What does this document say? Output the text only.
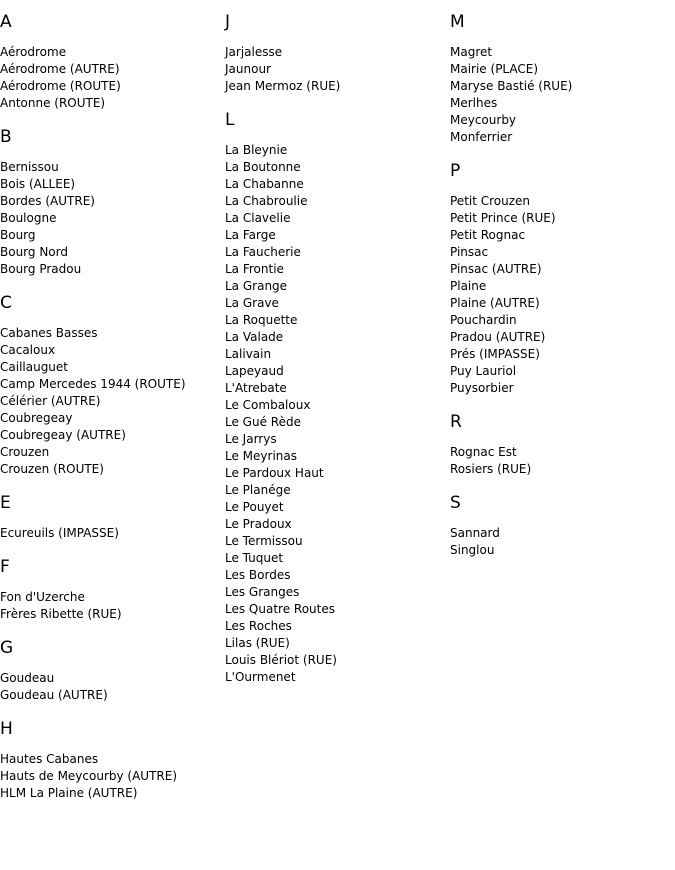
A
Aérodrome
Aérodrome (AUTRE)
Aérodrome (ROUTE)
Antonne (ROUTE)
B
Bernissou
Bois (ALLEE)
Bordes (AUTRE)
Boulogne
Bourg
Bourg Nord
Bourg Pradou
C
Cabanes Basses
Cacaloux
Caillauguet
Camp Mercedes 1944 (ROUTE)
Célérier (AUTRE)
Coubregeay
Coubregeay (AUTRE)
Crouzen
Crouzen (ROUTE)
E
Ecureuils (IMPASSE)
F
Fon d'Uzerche
Frères Ribette (RUE)
G
Goudeau
Goudeau (AUTRE)
H
Hautes Cabanes
Hauts de Meycourby (AUTRE)
HLM La Plaine (AUTRE)
J
Jarjalesse
Jaunour
Jean Mermoz (RUE)
L
La Bleynie
La Boutonne
La Chabanne
La Chabroulie
La Clavelie
La Farge
La Faucherie
La Frontie
La Grange
La Grave
La Roquette
La Valade
Lalivain
Lapeyaud
L'Atrebate
Le Combaloux
Le Gué Rède
Le Jarrys
Le Meyrinas
Le Pardoux Haut
Le Planége
Le Pouyet
Le Pradoux
Le Termissou
Le Tuquet
Les Bordes
Les Granges
Les Quatre Routes
Les Roches
Lilas (RUE)
Louis Blériot (RUE)
L'Ourmenet
M
Magret
Mairie (PLACE)
Maryse Bastié (RUE)
Merlhes
Meycourby
Monferrier
P
Petit Crouzen
Petit Prince (RUE)
Petit Rognac
Pinsac
Pinsac (AUTRE)
Plaine
Plaine (AUTRE)
Pouchardin
Pradou (AUTRE)
Prés (IMPASSE)
Puy Lauriol
Puysorbier
R
Rognac Est
Rosiers (RUE)
S
Sannard
Singlou
